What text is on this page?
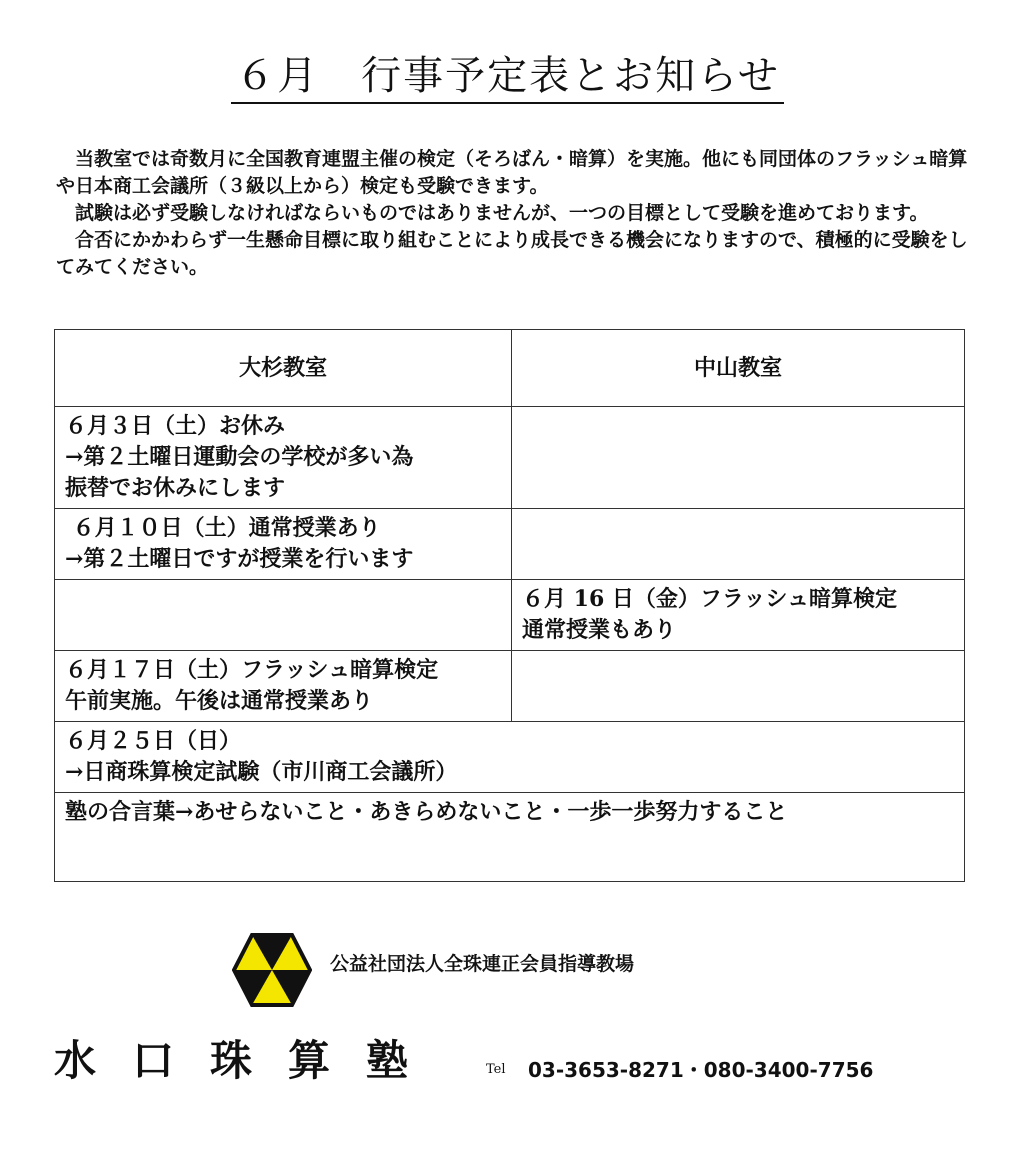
６月　行事予定表とお知らせ

当教室では奇数月に全国教育連盟主催の検定（そろばん・暗算）を実施。他にも同団体のフラッシュ暗算や日本商工会議所（３級以上から）検定も受験できます。

試験は必ず受験しなければならいものではありませんが、一つの目標として受験を進めております。

合否にかかわらず一生懸命目標に取り組むことにより成長できる機会になりますので、積極的に受験をしてみてください。

大杉教室	中山教室

６月３日（土）お休み
→第２土曜日運動会の学校が多い為
振替でお休みにします	

６月１０日（土）通常授業あり
→第２土曜日ですが授業を行います	

	６月 16 日（金）フラッシュ暗算検定
通常授業もあり

６月１７日（土）フラッシュ暗算検定
午前実施。午後は通常授業あり	

６月２５日（日）
→日商珠算検定試験（市川商工会議所）	

塾の合言葉→あせらないこと・あきらめないこと・一歩一歩努力すること	
公益社団法人全珠連正会員指導教場
水口珠算塾	Tel 03-3653-8271・080-3400-7756
